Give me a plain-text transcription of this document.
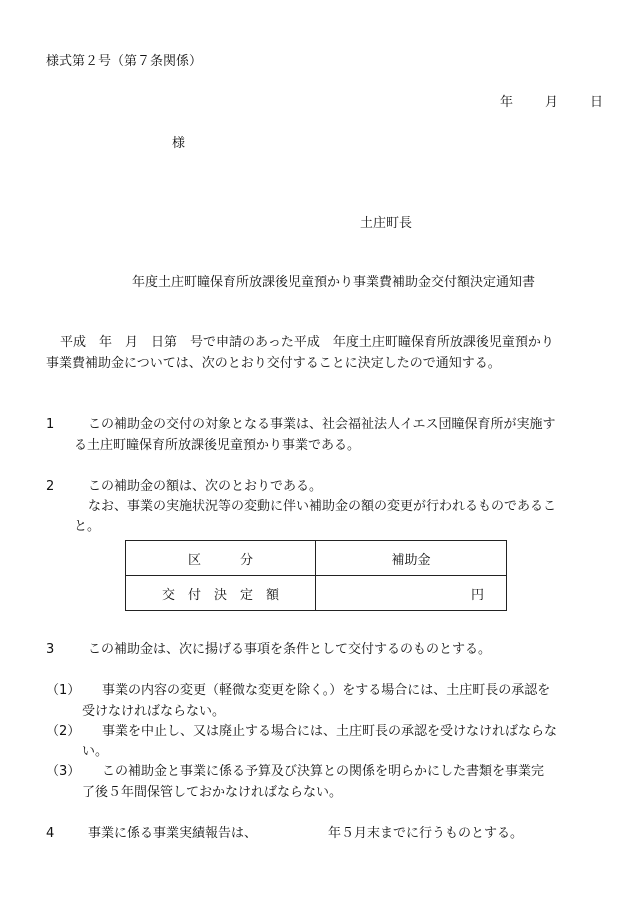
様式第２号（第７条関係）
年 月 日
様
土庄町長
年度土庄町瞳保育所放課後児童預かり事業費補助金交付額決定通知書
平成　年　月　日第　号で申請のあった平成　年度土庄町瞳保育所放課後児童預かり
事業費補助金については、次のとおり交付することに決定したので通知する。
1	この補助金の交付の対象となる事業は、社会福祉法人イエス団瞳保育所が実施す
る土庄町瞳保育所放課後児童預かり事業である。
2	この補助金の額は、次のとおりである。
なお、事業の実施状況等の変動に伴い補助金の額の変更が行われるものであるこ
と。
区　　　分	補助金
交　付　決　定　額	円
3	この補助金は、次に揚げる事項を条件として交付するのものとする。
（1） 事業の内容の変更（軽微な変更を除く。）をする場合には、土庄町長の承認を
受けなければならない。
（2） 事業を中止し、又は廃止する場合には、土庄町長の承認を受けなければならな
い。
（3） この補助金と事業に係る予算及び決算との関係を明らかにした書類を事業完
了後５年間保管しておかなければならない。
4	事業に係る事業実績報告は、	年５月末までに行うものとする。
